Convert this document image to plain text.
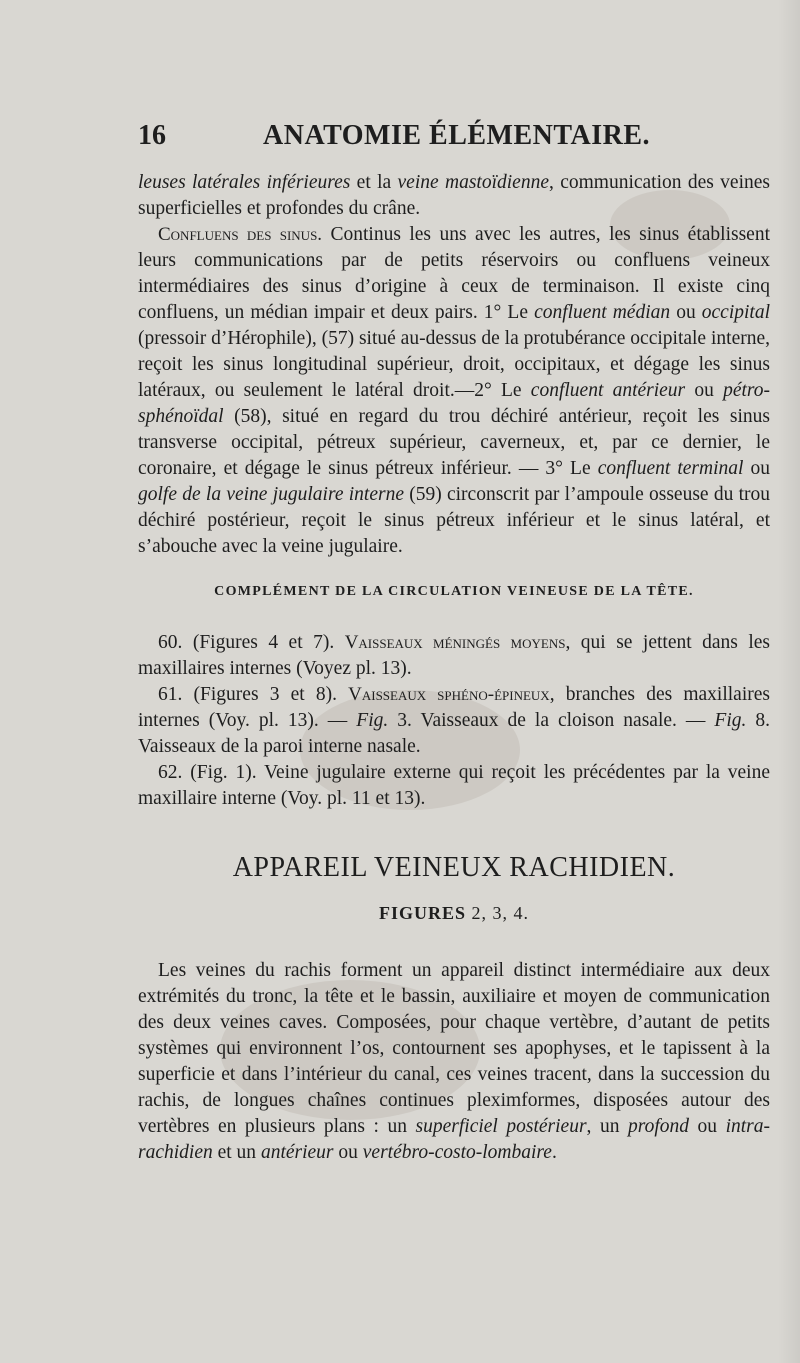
16	ANATOMIE ÉLÉMENTAIRE.

leuses latérales inférieures et la veine mastoïdienne, communication des veines superficielles et profondes du crâne.

Confluens des sinus. Continus les uns avec les autres, les sinus établissent leurs communications par de petits réservoirs ou confluens veineux intermédiaires des sinus d’origine à ceux de terminaison. Il existe cinq confluens, un médian impair et deux pairs. 1° Le confluent médian ou occipital (pressoir d’Hérophile), (57) situé au-dessus de la protubérance occipitale interne, reçoit les sinus longitudinal supérieur, droit, occipitaux, et dégage les sinus latéraux, ou seulement le latéral droit.—2° Le confluent antérieur ou pétro-sphénoïdal (58), situé en regard du trou déchiré antérieur, reçoit les sinus transverse occipital, pétreux supérieur, caverneux, et, par ce dernier, le coronaire, et dégage le sinus pétreux inférieur. — 3° Le confluent terminal ou golfe de la veine jugulaire interne (59) circonscrit par l’ampoule osseuse du trou déchiré postérieur, reçoit le sinus pétreux inférieur et le sinus latéral, et s’abouche avec la veine jugulaire.

COMPLÉMENT DE LA CIRCULATION VEINEUSE DE LA TÊTE.

60. (Figures 4 et 7). Vaisseaux méningés moyens, qui se jettent dans les maxillaires internes (Voyez pl. 13).

61. (Figures 3 et 8). Vaisseaux sphéno-épineux, branches des maxillaires internes (Voy. pl. 13). — Fig. 3. Vaisseaux de la cloison nasale. — Fig. 8. Vaisseaux de la paroi interne nasale.

62. (Fig. 1). Veine jugulaire externe qui reçoit les précédentes par la veine maxillaire interne (Voy. pl. 11 et 13).

APPAREIL VEINEUX RACHIDIEN.
FIGURES 2, 3, 4.

Les veines du rachis forment un appareil distinct intermédiaire aux deux extrémités du tronc, la tête et le bassin, auxiliaire et moyen de communication des deux veines caves. Composées, pour chaque vertèbre, d’autant de petits systèmes qui environnent l’os, contournent ses apophyses, et le tapissent à la superficie et dans l’intérieur du canal, ces veines tracent, dans la succession du rachis, de longues chaînes continues pleximformes, disposées autour des vertèbres en plusieurs plans : un superficiel postérieur, un profond ou intra-rachidien et un antérieur ou vertébro-costo-lombaire.
